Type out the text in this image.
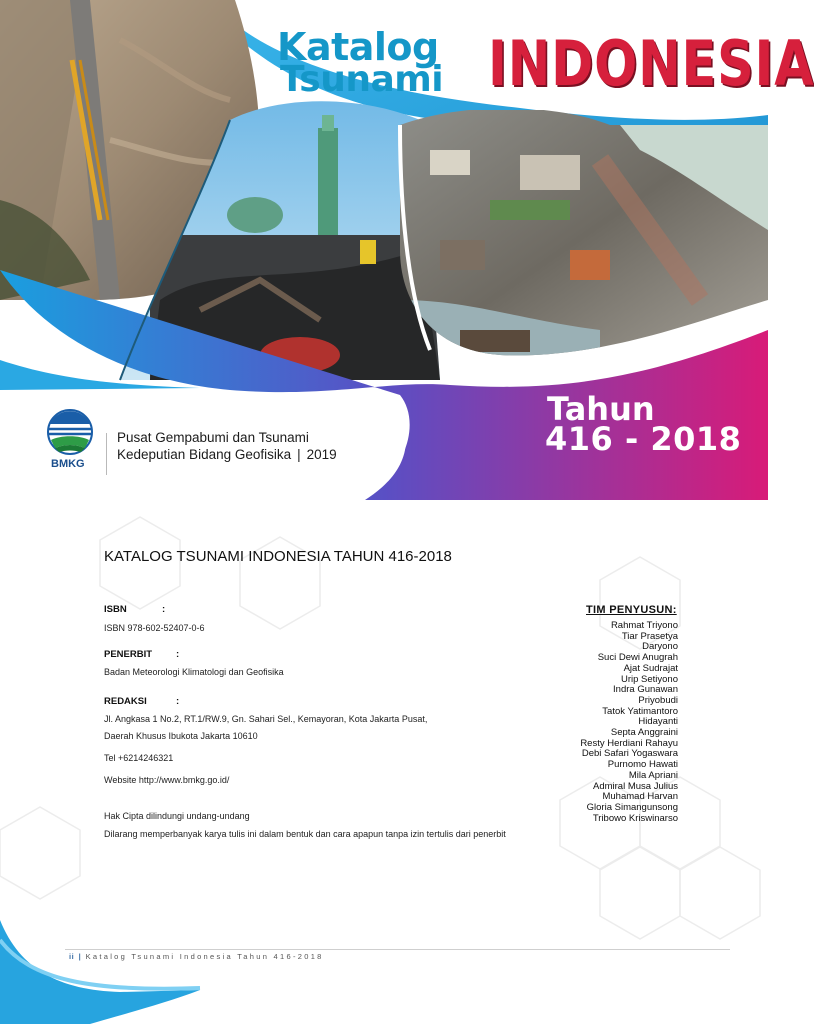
Katalog
Tsunami INDONESIA
Tahun
416 - 2018
BMKG
Pusat Gempabumi dan Tsunami
Kedeputian Bidang Geofisika | 2019
KATALOG TSUNAMI INDONESIA TAHUN 416-2018
ISBN	:
ISBN 978-602-52407-0-6
PENERBIT	:
Badan Meteorologi Klimatologi dan Geofisika
REDAKSI	:
Jl. Angkasa 1 No.2, RT.1/RW.9, Gn. Sahari Sel., Kemayoran, Kota Jakarta Pusat,
Daerah Khusus Ibukota Jakarta 10610
Tel +6214246321
Website http://www.bmkg.go.id/
Hak Cipta dilindungi undang-undang
Dilarang memperbanyak karya tulis ini dalam bentuk dan cara apapun tanpa izin tertulis dari penerbit
TIM PENYUSUN:
Rahmat Triyono
Tiar Prasetya
Daryono
Suci Dewi Anugrah
Ajat Sudrajat
Urip Setiyono
Indra Gunawan
Priyobudi
Tatok Yatimantoro
Hidayanti
Septa Anggraini
Resty Herdiani Rahayu
Debi Safari Yogaswara
Purnomo Hawati
Mila Apriani
Admiral Musa Julius
Muhamad Harvan
Gloria Simangunsong
Tribowo Kriswinarso
ii | Katalog Tsunami Indonesia Tahun 416-2018
